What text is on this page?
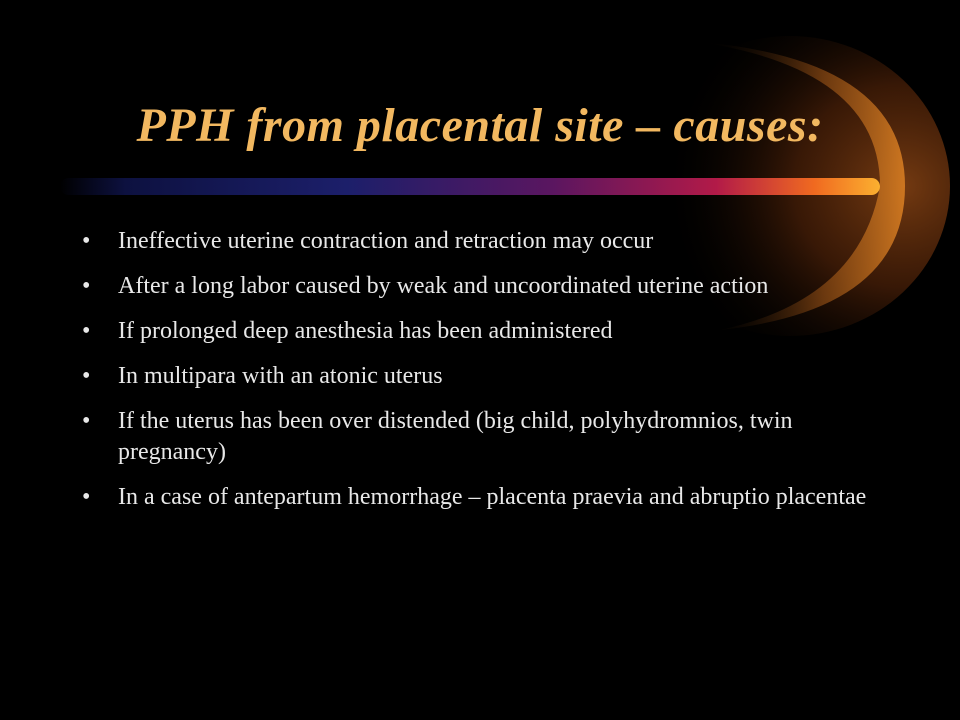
PPH from placental site – causes:
• Ineffective uterine contraction and retraction may occur
• After a long labor caused by weak and uncoordinated uterine action
• If prolonged deep anesthesia has been administered
• In multipara with an atonic uterus
• If the uterus has been over distended (big child, polyhydromnios, twin pregnancy)
• In a case of antepartum hemorrhage – placenta praevia and abruptio placentae
